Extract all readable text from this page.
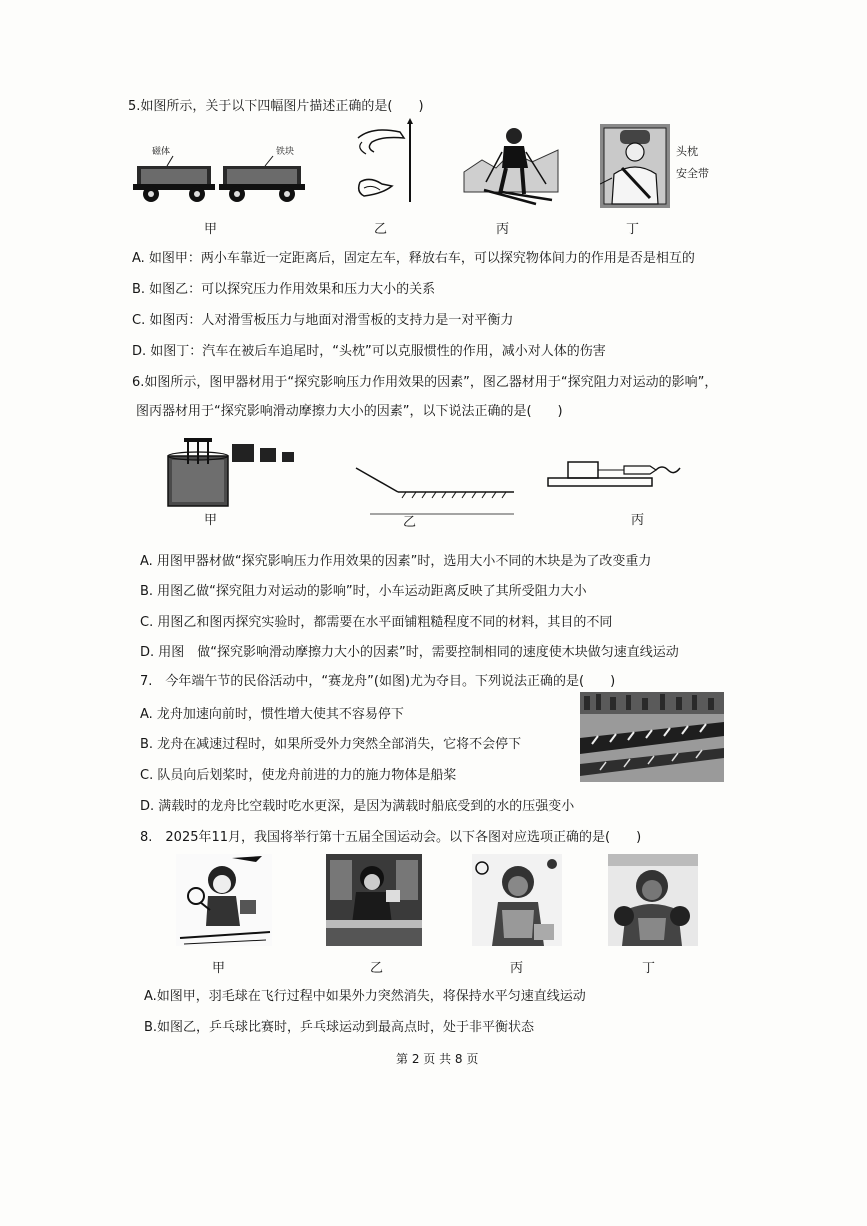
5.如图所示，关于以下四幅图片描述正确的是(　　)
磁体	铁块	头枕
安全带
甲	乙	丙	丁
A. 如图甲：两小车靠近一定距离后，固定左车，释放右车，可以探究物体间力的作用是否是相互的
B. 如图乙：可以探究压力作用效果和压力大小的关系
C. 如图丙：人对滑雪板压力与地面对滑雪板的支持力是一对平衡力
D. 如图丁：汽车在被后车追尾时，“头枕”可以克服惯性的作用，减小对人体的伤害
6.如图所示，图甲器材用于“探究影响压力作用效果的因素”，图乙器材用于“探究阻力对运动的影响”，
图丙器材用于“探究影响滑动摩擦力大小的因素”，以下说法正确的是(　　)
甲	乙	丙
A. 用图甲器材做“探究影响压力作用效果的因素”时，选用大小不同的木块是为了改变重力
B. 用图乙做“探究阻力对运动的影响”时，小车运动距离反映了其所受阻力大小
C. 用图乙和图丙探究实验时，都需要在水平面铺粗糙程度不同的材料，其目的不同
D. 用图　做“探究影响滑动摩擦力大小的因素”时，需要控制相同的速度使木块做匀速直线运动
7.　今年端午节的民俗活动中，“赛龙舟”(如图)尤为夺目。下列说法正确的是(　　)
A. 龙舟加速向前时，惯性增大使其不容易停下
B. 龙舟在减速过程时，如果所受外力突然全部消失，它将不会停下
C. 队员向后划桨时，使龙舟前进的力的施力物体是船桨
D. 满载时的龙舟比空载时吃水更深，是因为满载时船底受到的水的压强变小
8.　2025年11月，我国将举行第十五届全国运动会。以下各图对应选项正确的是(　　)
甲	乙	丙	丁
A.如图甲，羽毛球在飞行过程中如果外力突然消失，将保持水平匀速直线运动
B.如图乙，乒乓球比赛时，乒乓球运动到最高点时，处于非平衡状态
第 2 页 共 8 页
